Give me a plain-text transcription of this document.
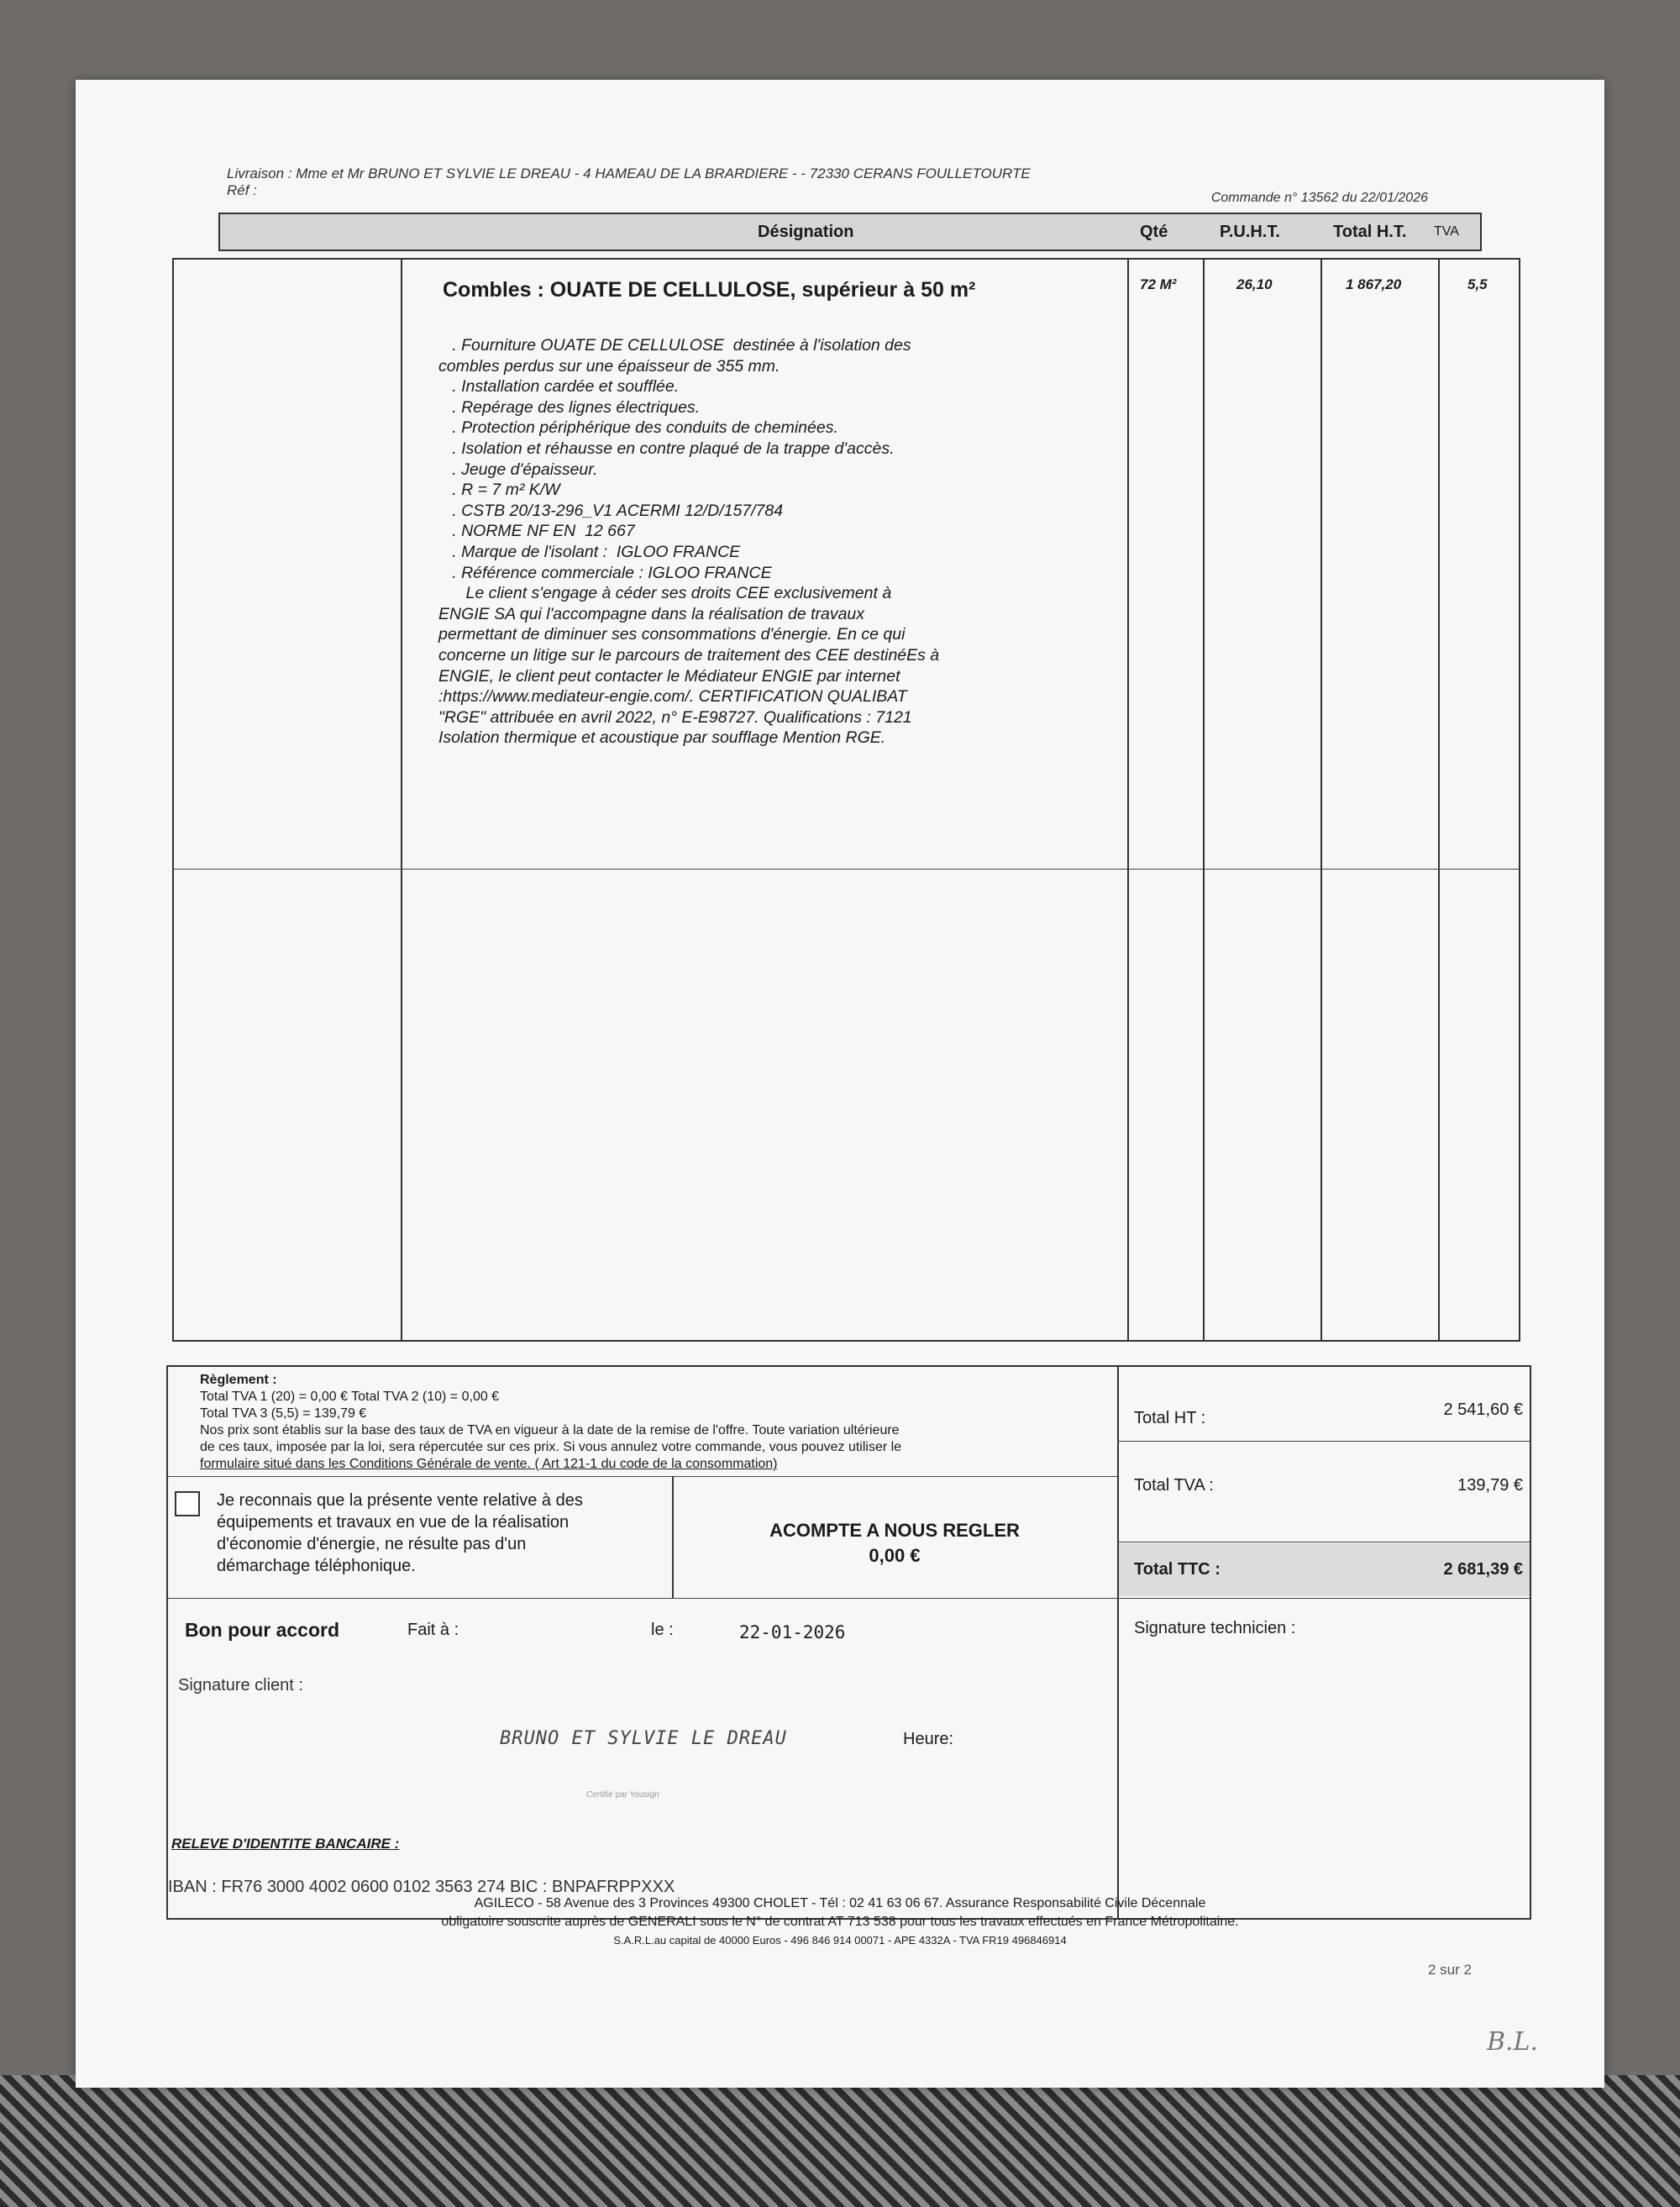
Livraison : Mme et Mr BRUNO ET SYLVIE LE DREAU - 4 HAMEAU DE LA BRARDIERE - - 72330 CERANS FOULLETOURTE
Réf :	Commande n° 13562 du 22/01/2026
Désignation	Qté	P.U.H.T.	Total H.T. TVA
Combles : OUATE DE CELLULOSE, supérieur à 50 m²
. Fourniture OUATE DE CELLULOSE  destinée à l'isolation des
combles perdus sur une épaisseur de 355 mm.
. Installation cardée et soufflée.
. Repérage des lignes électriques.
. Protection périphérique des conduits de cheminées.
. Isolation et réhausse en contre plaqué de la trappe d'accès.
. Jeuge d'épaisseur.
. R = 7 m² K/W
. CSTB 20/13-296_V1 ACERMI 12/D/157/784
. NORME NF EN  12 667
. Marque de l'isolant :  IGLOO FRANCE
. Référence commerciale : IGLOO FRANCE
Le client s'engage à céder ses droits CEE exclusivement à
ENGIE SA qui l'accompagne dans la réalisation de travaux
permettant de diminuer ses consommations d'énergie. En ce qui
concerne un litige sur le parcours de traitement des CEE destinéEs à
ENGIE, le client peut contacter le Médiateur ENGIE par internet
:https://www.mediateur-engie.com/. CERTIFICATION QUALIBAT
"RGE" attribuée en avril 2022, n° E-E98727. Qualifications : 7121
Isolation thermique et acoustique par soufflage Mention RGE.
72 M²	26,10	1 867,20	5,5
Règlement :
Total TVA 1 (20) = 0,00 € Total TVA 2 (10) = 0,00 €
Total TVA 3 (5,5) = 139,79 €
Nos prix sont établis sur la base des taux de TVA en vigueur à la date de la remise de l'offre. Toute variation ultérieure
de ces taux, imposée par la loi, sera répercutée sur ces prix. Si vous annulez votre commande, vous pouvez utiliser le
formulaire situé dans les Conditions Générale de vente. ( Art 121-1 du code de la consommation)
Je reconnais que la présente vente relative à des
équipements et travaux en vue de la réalisation
d'économie d'énergie, ne résulte pas d'un
démarchage téléphonique.
ACOMPTE A NOUS REGLER
0,00 €
Total HT :	2 541,60 €
Total TVA :	139,79 €
Total TTC :	2 681,39 €
Bon pour accord	Fait à :	le :	22-01-2026
Signature client :
BRUNO ET SYLVIE LE DREAU	Heure:
Certifié par Yousign
Signature technicien :
RELEVE D'IDENTITE BANCAIRE :
IBAN : FR76 3000 4002 0600 0102 3563 274 BIC : BNPAFRPPXXX
AGILECO - 58 Avenue des 3 Provinces 49300 CHOLET - Tél : 02 41 63 06 67. Assurance Responsabilité Civile Décennale
obligatoire souscrite auprès de GENERALI sous le N° de contrat AT 713 538 pour tous les travaux effectués en France Métropolitaine.
S.A.R.L.au capital de 40000 Euros - 496 846 914 00071 - APE 4332A - TVA FR19 496846914
2 sur 2
B.L.
